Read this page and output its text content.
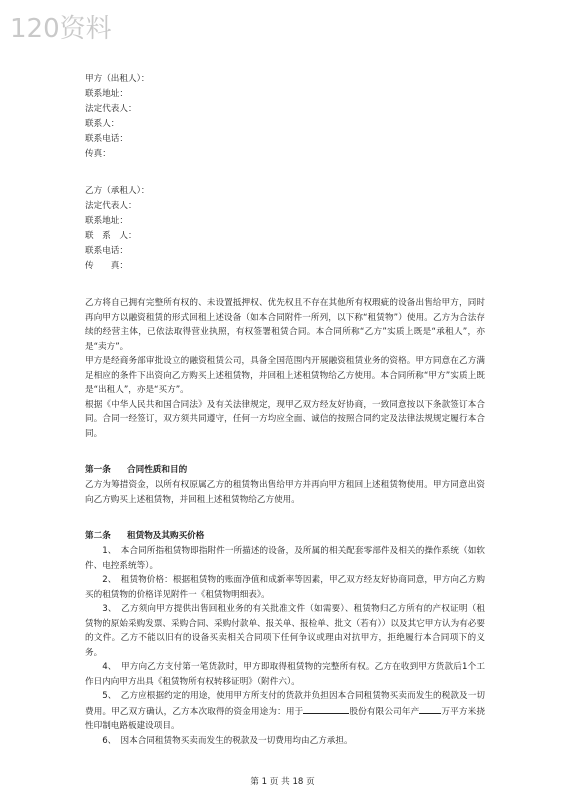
120资料
甲方（出租人）：
联系地址：
法定代表人：
联系人：
联系电话：
传真：
乙方（承租人）：
法定代表人：
联系地址：
联　系　人：
联系电话：
传　　真：
乙方将自己拥有完整所有权的、未设置抵押权、优先权且不存在其他所有权瑕疵的设备出售给甲方，同时再向甲方以融资租赁的形式回租上述设备（如本合同附件一所列，以下称“租赁物”）使用。乙方为合法存续的经营主体，已依法取得营业执照，有权签署租赁合同。本合同所称“乙方”实质上既是“承租人”，亦是“卖方”。
甲方是经商务部审批设立的融资租赁公司，具备全国范围内开展融资租赁业务的资格。甲方同意在乙方满足相应的条件下出资向乙方购买上述租赁物，并回租上述租赁物给乙方使用。本合同所称“甲方”实质上既是“出租人”，亦是“买方”。
根据《中华人民共和国合同法》及有关法律规定，现甲乙双方经友好协商，一致同意按以下条款签订本合同。合同一经签订，双方须共同遵守，任何一方均应全面、诚信的按照合同约定及法律法规规定履行本合同。
第一条 合同性质和目的
乙方为筹措资金，以所有权原属乙方的租赁物出售给甲方并再向甲方租回上述租赁物使用。甲方同意出资向乙方购买上述租赁物，并回租上述租赁物给乙方使用。
第二条 租赁物及其购买价格
1、　本合同所指租赁物即指附件一所描述的设备，及所属的相关配套零部件及相关的操作系统（如软件、电控系统等）。
2、　租赁物价格：根据租赁物的账面净值和成新率等因素，甲乙双方经友好协商同意，甲方向乙方购买的租赁物的价格详见附件一《租赁物明细表》。
3、　乙方须向甲方提供出售回租业务的有关批准文件（如需要）、租赁物归乙方所有的产权证明（租赁物的原始采购发票、采购合同、采购付款单、报关单、报检单、批文（若有））以及其它甲方认为有必要的文件。乙方不能以旧有的设备买卖相关合同项下任何争议或理由对抗甲方，拒绝履行本合同项下的义务。
4、　甲方向乙方支付第一笔货款时，甲方即取得租赁物的完整所有权。乙方在收到甲方货款后1个工作日内向甲方出具《租赁物所有权转移证明》（附件六）。
5、　乙方应根据约定的用途，使用甲方所支付的货款并负担因本合同租赁物买卖而发生的税款及一切费用。甲乙双方确认，乙方本次取得的资金用途为：用于	股份有限公司年产	万平方米挠性印制电路板建设项目。
6、　因本合同租赁物买卖而发生的税款及一切费用均由乙方承担。
第 1 页 共 18 页
